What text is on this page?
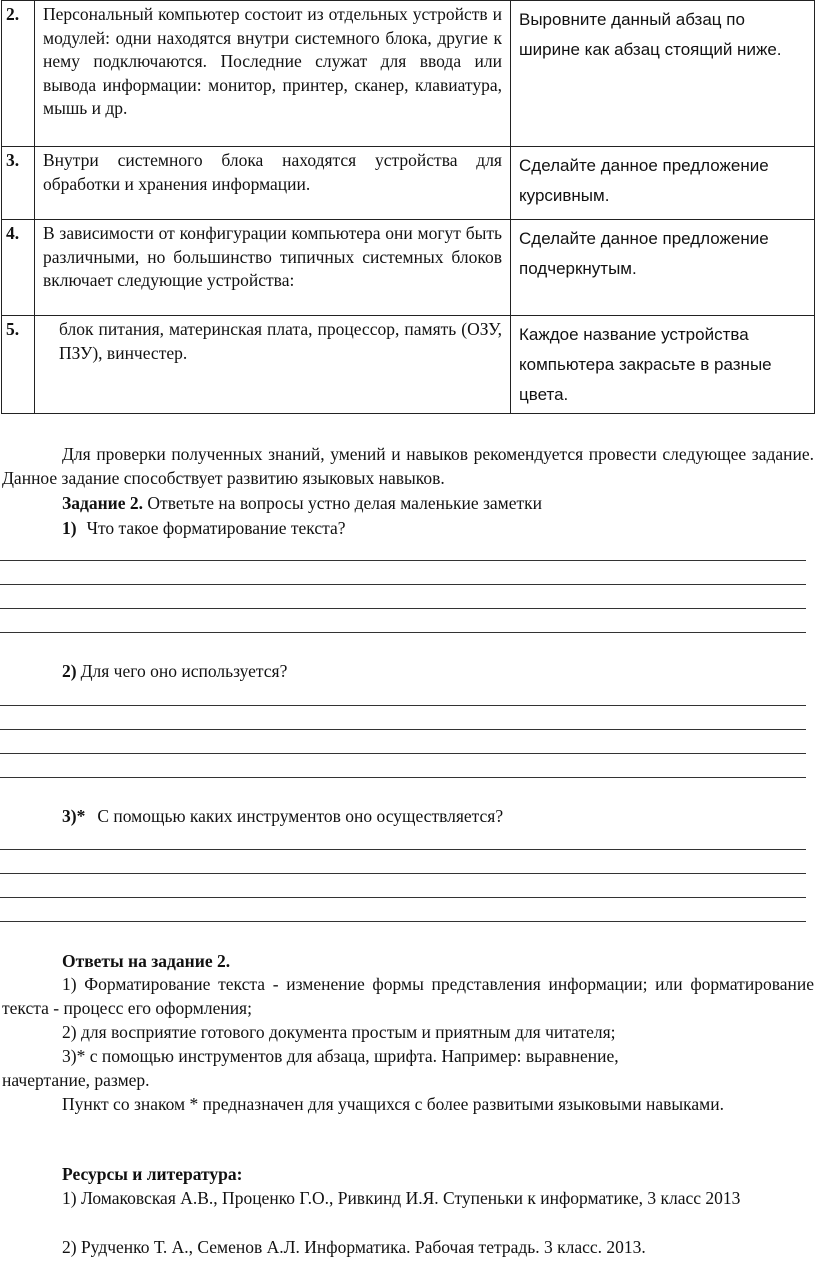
2.	Персональный компьютер состоит из отдельных устройств и модулей: одни находятся внутри системного блока, другие к нему подключаются. Последние служат для ввода или вывода информации: монитор, принтер, сканер, клавиатура, мышь и др.	Выровните данный абзац по ширине как абзац стоящий ниже.
3.	Внутри системного блока находятся устройства для обработки и хранения информации.	Сделайте данное предложение курсивным.
4.	В зависимости от конфигурации компьютера они могут быть различными, но большинство типичных системных блоков включает следующие устройства:	Сделайте данное предложение подчеркнутым.
5.	блок питания, материнская плата, процессор, память (ОЗУ, ПЗУ), винчестер.	Каждое название устройства компьютера закрасьте в разные цвета.
Для проверки полученных знаний, умений и навыков рекомендуется провести следующее задание. Данное задание способствует развитию языковых навыков.
Задание 2. Ответьте на вопросы устно делая маленькие заметки
1) Что такое форматирование текста?
2) Для чего оно используется?
3)* С помощью каких инструментов оно осуществляется?
Ответы на задание 2.
1) Форматирование текста - изменение формы представления информации; или форматирование текста - процесс его оформления;
2) для восприятие готового документа простым и приятным для читателя;
3)* с помощью инструментов для абзаца, шрифта. Например: выравнение, начертание, размер.
Пункт со знаком * предназначен для учащихся с более развитыми языковыми навыками.
Ресурсы и литература:
1) Ломаковская А.В., Проценко Г.О., Ривкинд И.Я. Ступеньки к информатике, 3 класс 2013
2) Рудченко Т. А., Семенов А.Л. Информатика. Рабочая тетрадь. 3 класс. 2013.
